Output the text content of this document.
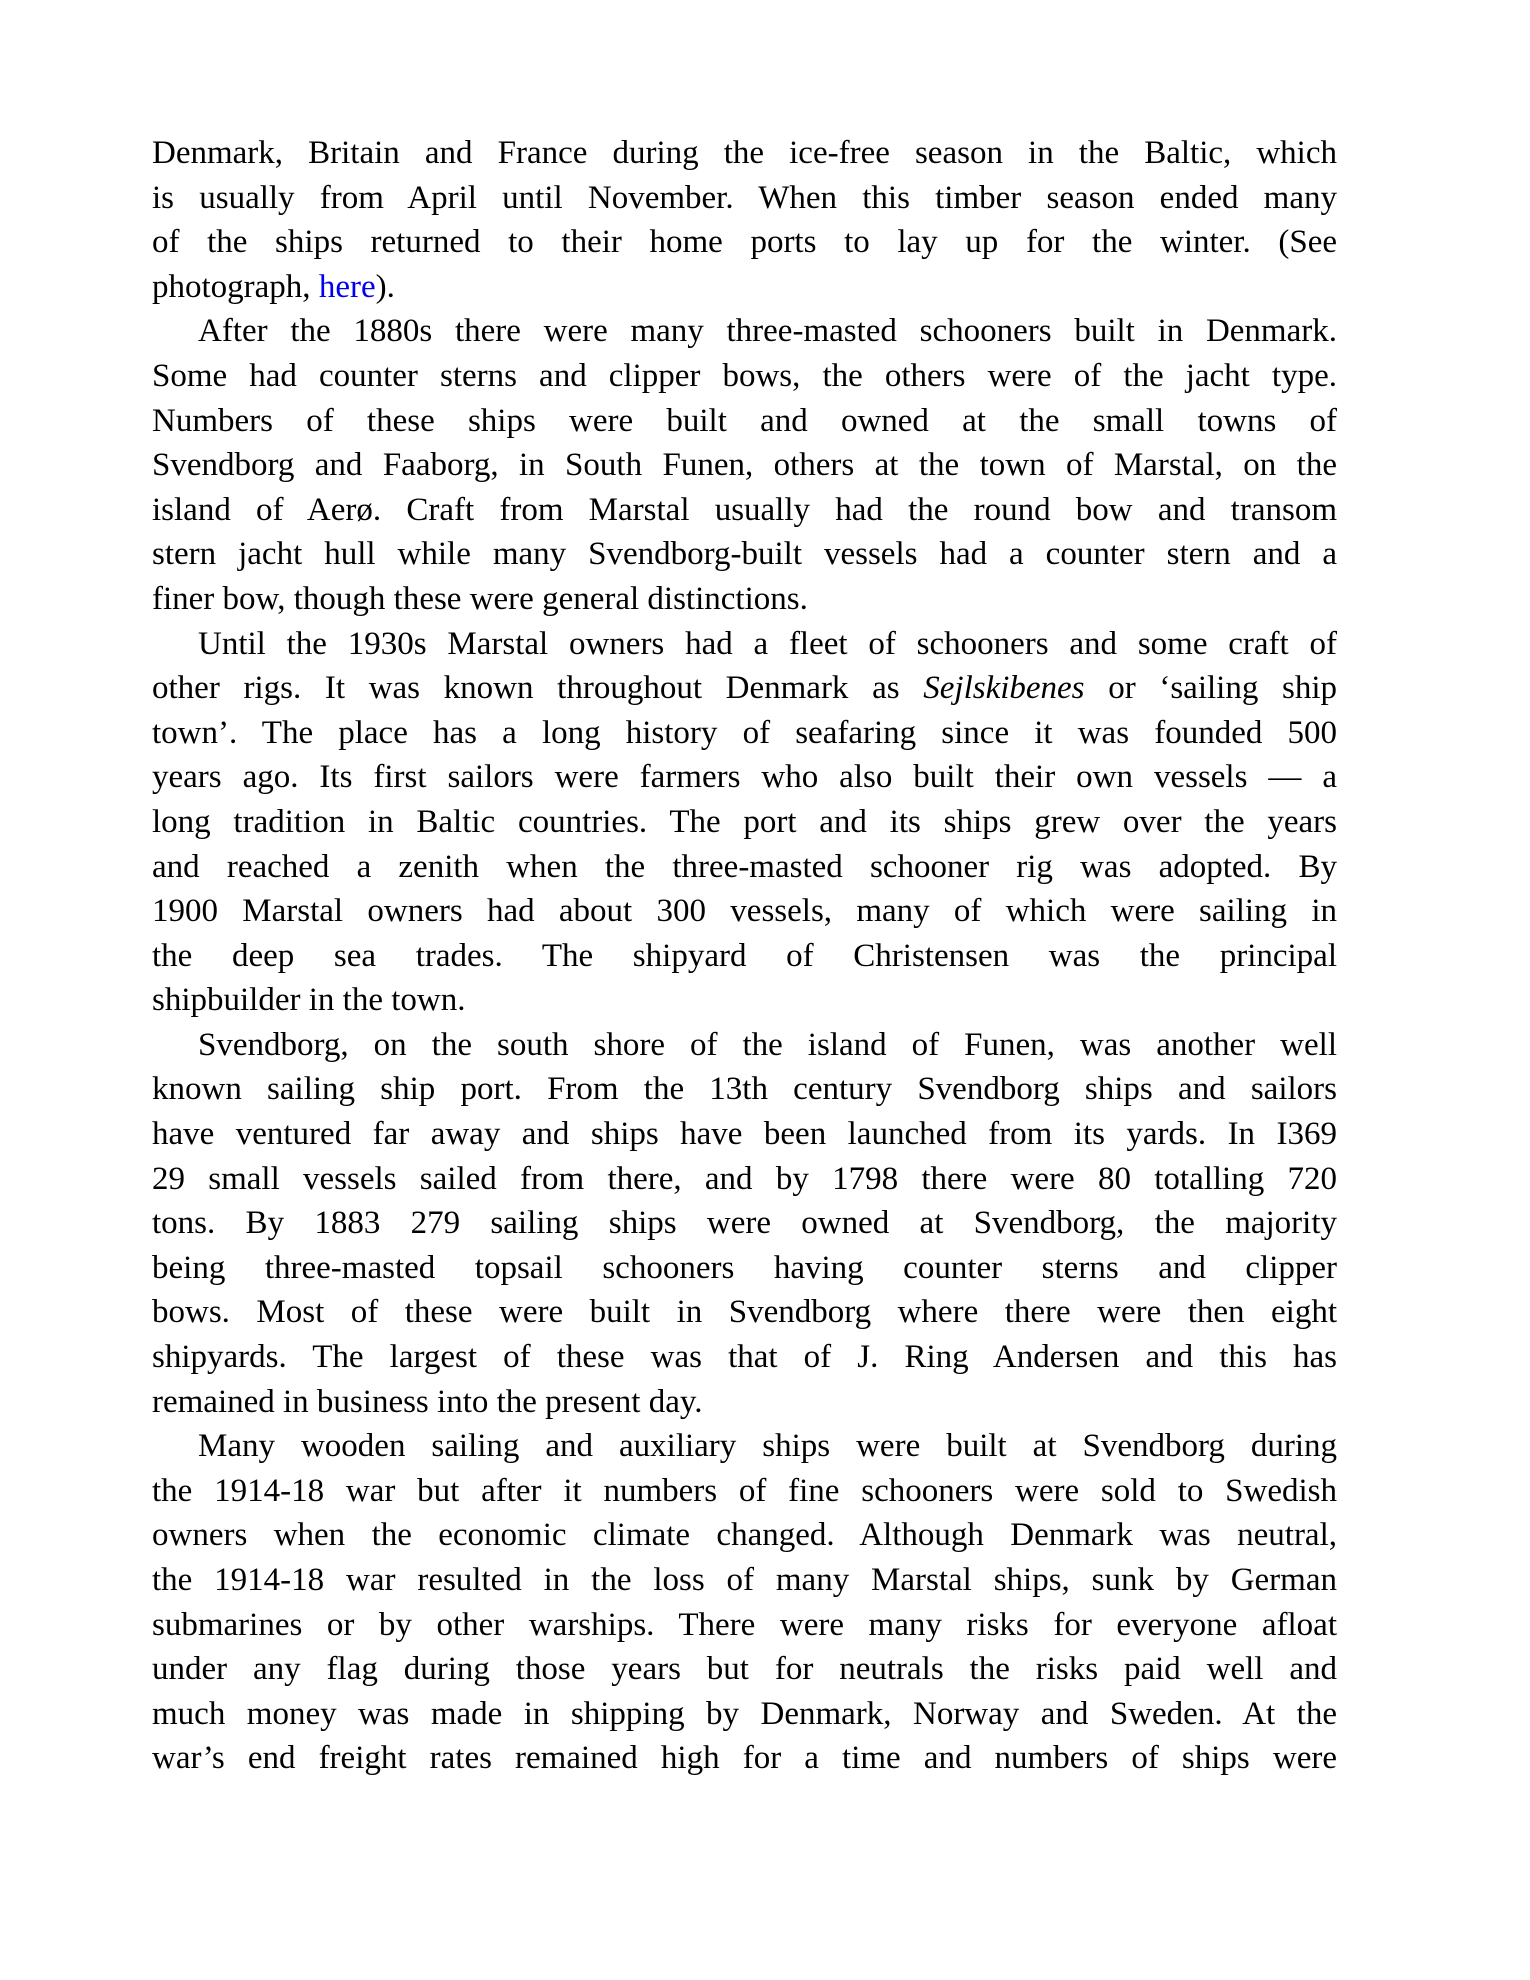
Denmark, Britain and France during the ice-free season in the Baltic, which
is usually from April until November. When this timber season ended many
of the ships returned to their home ports to lay up for the winter. (See
photograph, here).
After the 1880s there were many three-masted schooners built in Denmark.
Some had counter sterns and clipper bows, the others were of the jacht type.
Numbers of these ships were built and owned at the small towns of
Svendborg and Faaborg, in South Funen, others at the town of Marstal, on the
island of Aerø. Craft from Marstal usually had the round bow and transom
stern jacht hull while many Svendborg-built vessels had a counter stern and a
finer bow, though these were general distinctions.
Until the 1930s Marstal owners had a fleet of schooners and some craft of
other rigs. It was known throughout Denmark as Sejlskibenes or ‘sailing ship
town’. The place has a long history of seafaring since it was founded 500
years ago. Its first sailors were farmers who also built their own vessels — a
long tradition in Baltic countries. The port and its ships grew over the years
and reached a zenith when the three-masted schooner rig was adopted. By
1900 Marstal owners had about 300 vessels, many of which were sailing in
the deep sea trades. The shipyard of Christensen was the principal
shipbuilder in the town.
Svendborg, on the south shore of the island of Funen, was another well
known sailing ship port. From the 13th century Svendborg ships and sailors
have ventured far away and ships have been launched from its yards. In I369
29 small vessels sailed from there, and by 1798 there were 80 totalling 720
tons. By 1883 279 sailing ships were owned at Svendborg, the majority
being three-masted topsail schooners having counter sterns and clipper
bows. Most of these were built in Svendborg where there were then eight
shipyards. The largest of these was that of J. Ring Andersen and this has
remained in business into the present day.
Many wooden sailing and auxiliary ships were built at Svendborg during
the 1914-18 war but after it numbers of fine schooners were sold to Swedish
owners when the economic climate changed. Although Denmark was neutral,
the 1914-18 war resulted in the loss of many Marstal ships, sunk by German
submarines or by other warships. There were many risks for everyone afloat
under any flag during those years but for neutrals the risks paid well and
much money was made in shipping by Denmark, Norway and Sweden. At the
war’s end freight rates remained high for a time and numbers of ships were
